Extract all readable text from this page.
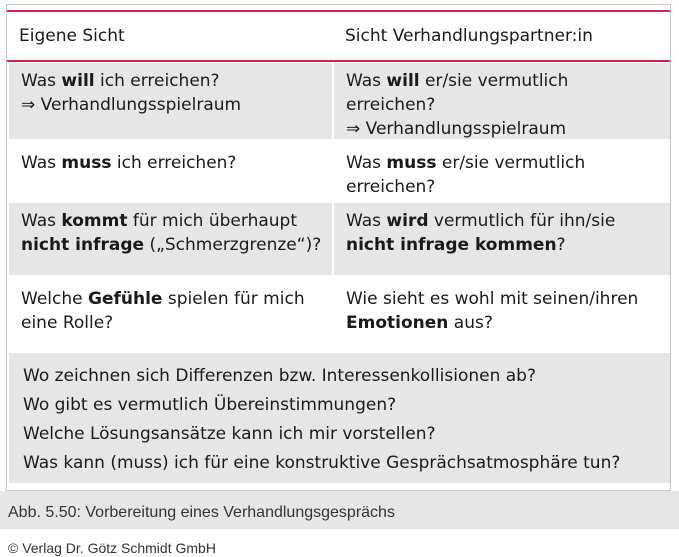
Eigene Sicht	Sicht Verhandlungspartner:in
Was will ich erreichen?
⇒ Verhandlungsspielraum
Was will er/sie vermutlich erreichen?
⇒ Verhandlungsspielraum
Was muss ich erreichen?	Was muss er/sie vermutlich
erreichen?
Was kommt für mich überhaupt
nicht infrage („Schmerzgrenze“)?
Was wird vermutlich für ihn/sie
nicht infrage kommen?
Welche Gefühle spielen für mich
eine Rolle?
Wie sieht es wohl mit seinen/ihren
Emotionen aus?
Wo zeichnen sich Differenzen bzw. Interessenkollisionen ab?
Wo gibt es vermutlich Übereinstimmungen?
Welche Lösungsansätze kann ich mir vorstellen?
Was kann (muss) ich für eine konstruktive Gesprächsatmosphäre tun?
Abb. 5.50: Vorbereitung eines Verhandlungsgesprächs
© Verlag Dr. Götz Schmidt GmbH
